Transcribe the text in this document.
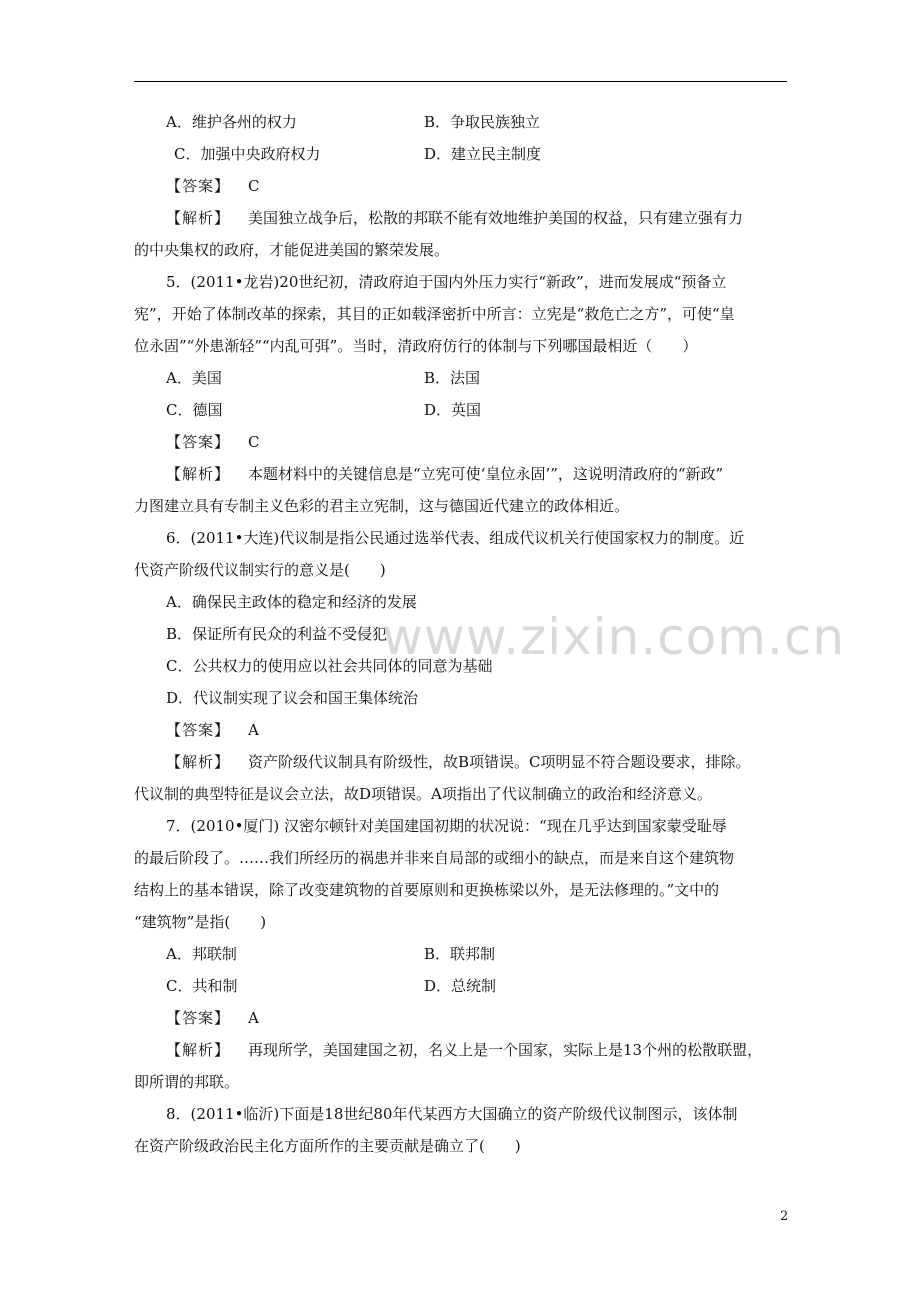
A．维护各州的权力	B．争取民族独立
C．加强中央政府权力	D．建立民主制度
【答案】 C
【解析】 美国独立战争后，松散的邦联不能有效地维护美国的权益，只有建立强有力
的中央集权的政府，才能促进美国的繁荣发展。
5．(2011•龙岩)20世纪初，清政府迫于国内外压力实行“新政”，进而发展成“预备立
宪”，开始了体制改革的探索，其目的正如载泽密折中所言：立宪是“救危亡之方”，可使“皇
位永固”“外患渐轻”“内乱可弭”。当时，清政府仿行的体制与下列哪国最相近（　　）
A．美国	B．法国
C．德国	D．英国
【答案】 C
【解析】 本题材料中的关键信息是“立宪可使‘皇位永固’”，这说明清政府的“新政”
力图建立具有专制主义色彩的君主立宪制，这与德国近代建立的政体相近。
6．(2011•大连)代议制是指公民通过选举代表、组成代议机关行使国家权力的制度。近
代资产阶级代议制实行的意义是(　　)
A．确保民主政体的稳定和经济的发展
B．保证所有民众的利益不受侵犯
C．公共权力的使用应以社会共同体的同意为基础
D．代议制实现了议会和国王集体统治
【答案】 A
【解析】 资产阶级代议制具有阶级性，故B项错误。C项明显不符合题设要求，排除。
代议制的典型特征是议会立法，故D项错误。A项指出了代议制确立的政治和经济意义。
7．(2010•厦门) 汉密尔顿针对美国建国初期的状况说：“现在几乎达到国家蒙受耻辱
的最后阶段了。……我们所经历的祸患并非来自局部的或细小的缺点，而是来自这个建筑物
结构上的基本错误，除了改变建筑物的首要原则和更换栋梁以外，是无法修理的。”文中的
“建筑物”是指(　　)
A．邦联制	B．联邦制
C．共和制	D．总统制
【答案】 A
【解析】 再现所学，美国建国之初，名义上是一个国家，实际上是13个州的松散联盟，
即所谓的邦联。
8．(2011•临沂)下面是18世纪80年代某西方大国确立的资产阶级代议制图示，该体制
在资产阶级政治民主化方面所作的主要贡献是确立了(　　)
www.zixin.com.cn
2
